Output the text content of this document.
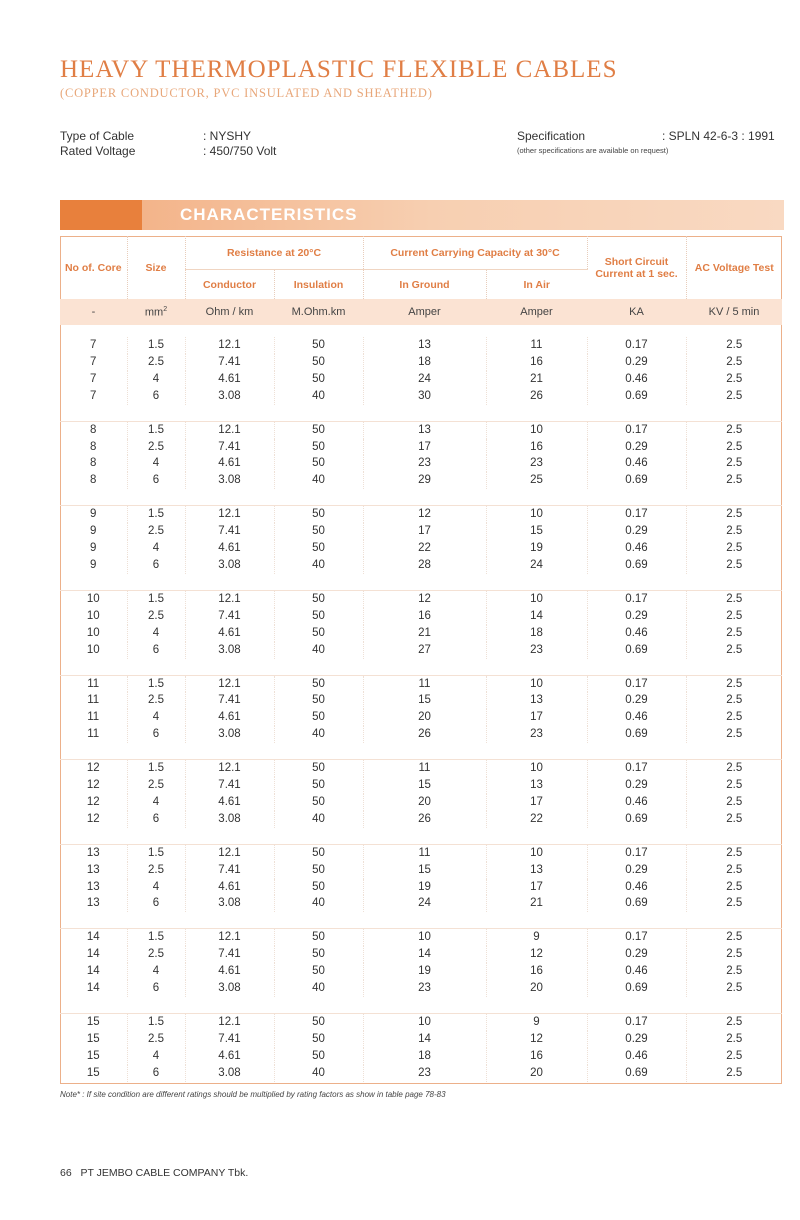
HEAVY THERMOPLASTIC FLEXIBLE CABLES
(COPPER CONDUCTOR, PVC INSULATED AND SHEATHED)
Type of Cable	: NYSHY
Rated Voltage	: 450/750 Volt
Specification	: SPLN 42-6-3 : 1991
(other specifications are available on request)
CHARACTERISTICS
No of. Core	Size	Resistance at 20°C		Current Carrying Capacity at 30°C		Short Circuit Current at 1 sec.	AC Voltage Test
		Conductor	Insulation	In Ground	In Air		
-	$mm^2$	Ohm / km	M.Ohm.km	Amper	Amper	KA	KV / 5 min

7	1.5	12.1	50	13	11	0.17	2.5
7	2.5	7.41	50	18	16	0.29	2.5
7	4	4.61	50	24	21	0.46	2.5
7	6	3.08	40	30	26	0.69	2.5

8	1.5	12.1	50	13	10	0.17	2.5
8	2.5	7.41	50	17	16	0.29	2.5
8	4	4.61	50	23	23	0.46	2.5
8	6	3.08	40	29	25	0.69	2.5

9	1.5	12.1	50	12	10	0.17	2.5
9	2.5	7.41	50	17	15	0.29	2.5
9	4	4.61	50	22	19	0.46	2.5
9	6	3.08	40	28	24	0.69	2.5

10	1.5	12.1	50	12	10	0.17	2.5
10	2.5	7.41	50	16	14	0.29	2.5
10	4	4.61	50	21	18	0.46	2.5
10	6	3.08	40	27	23	0.69	2.5

11	1.5	12.1	50	11	10	0.17	2.5
11	2.5	7.41	50	15	13	0.29	2.5
11	4	4.61	50	20	17	0.46	2.5
11	6	3.08	40	26	23	0.69	2.5

12	1.5	12.1	50	11	10	0.17	2.5
12	2.5	7.41	50	15	13	0.29	2.5
12	4	4.61	50	20	17	0.46	2.5
12	6	3.08	40	26	22	0.69	2.5

13	1.5	12.1	50	11	10	0.17	2.5
13	2.5	7.41	50	15	13	0.29	2.5
13	4	4.61	50	19	17	0.46	2.5
13	6	3.08	40	24	21	0.69	2.5

14	1.5	12.1	50	10	9	0.17	2.5
14	2.5	7.41	50	14	12	0.29	2.5
14	4	4.61	50	19	16	0.46	2.5
14	6	3.08	40	23	20	0.69	2.5

15	1.5	12.1	50	10	9	0.17	2.5
15	2.5	7.41	50	14	12	0.29	2.5
15	4	4.61	50	18	16	0.46	2.5
15	6	3.08	40	23	20	0.69	2.5
Note* : If site condition are different ratings should be multiplied by rating factors as show in table page 78-83
66 PT JEMBO CABLE COMPANY Tbk.
